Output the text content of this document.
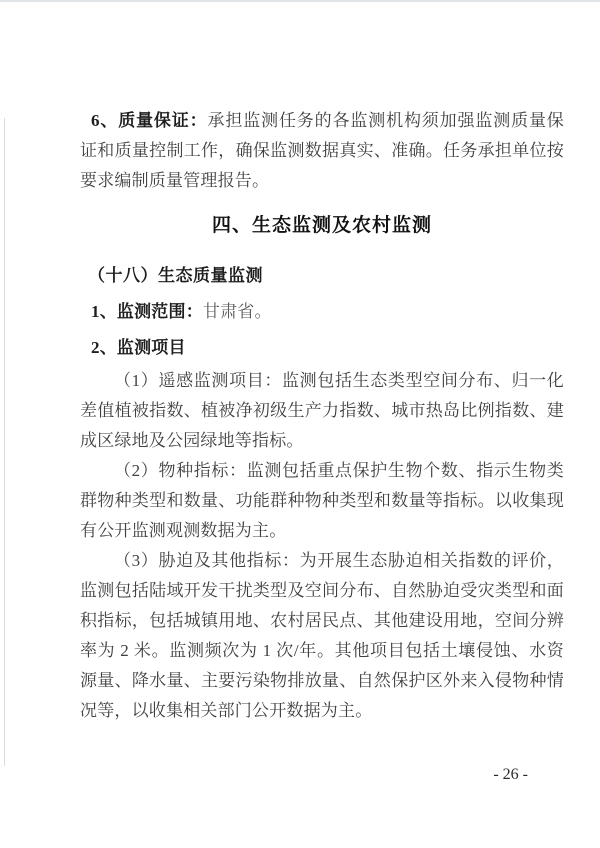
6、质量保证：承担监测任务的各监测机构须加强监测质量保证和质量控制工作，确保监测数据真实、准确。任务承担单位按要求编制质量管理报告。

四、生态监测及农村监测

（十八）生态质量监测

1、监测范围：甘肃省。

2、监测项目

（1）遥感监测项目：监测包括生态类型空间分布、归一化差值植被指数、植被净初级生产力指数、城市热岛比例指数、建成区绿地及公园绿地等指标。

（2）物种指标：监测包括重点保护生物个数、指示生物类群物种类型和数量、功能群种物种类型和数量等指标。以收集现有公开监测观测数据为主。

（3）胁迫及其他指标：为开展生态胁迫相关指数的评价，监测包括陆域开发干扰类型及空间分布、自然胁迫受灾类型和面积指标，包括城镇用地、农村居民点、其他建设用地，空间分辨率为 2 米。监测频次为 1 次/年。其他项目包括土壤侵蚀、水资源量、降水量、主要污染物排放量、自然保护区外来入侵物种情况等，以收集相关部门公开数据为主。

- 26 -
